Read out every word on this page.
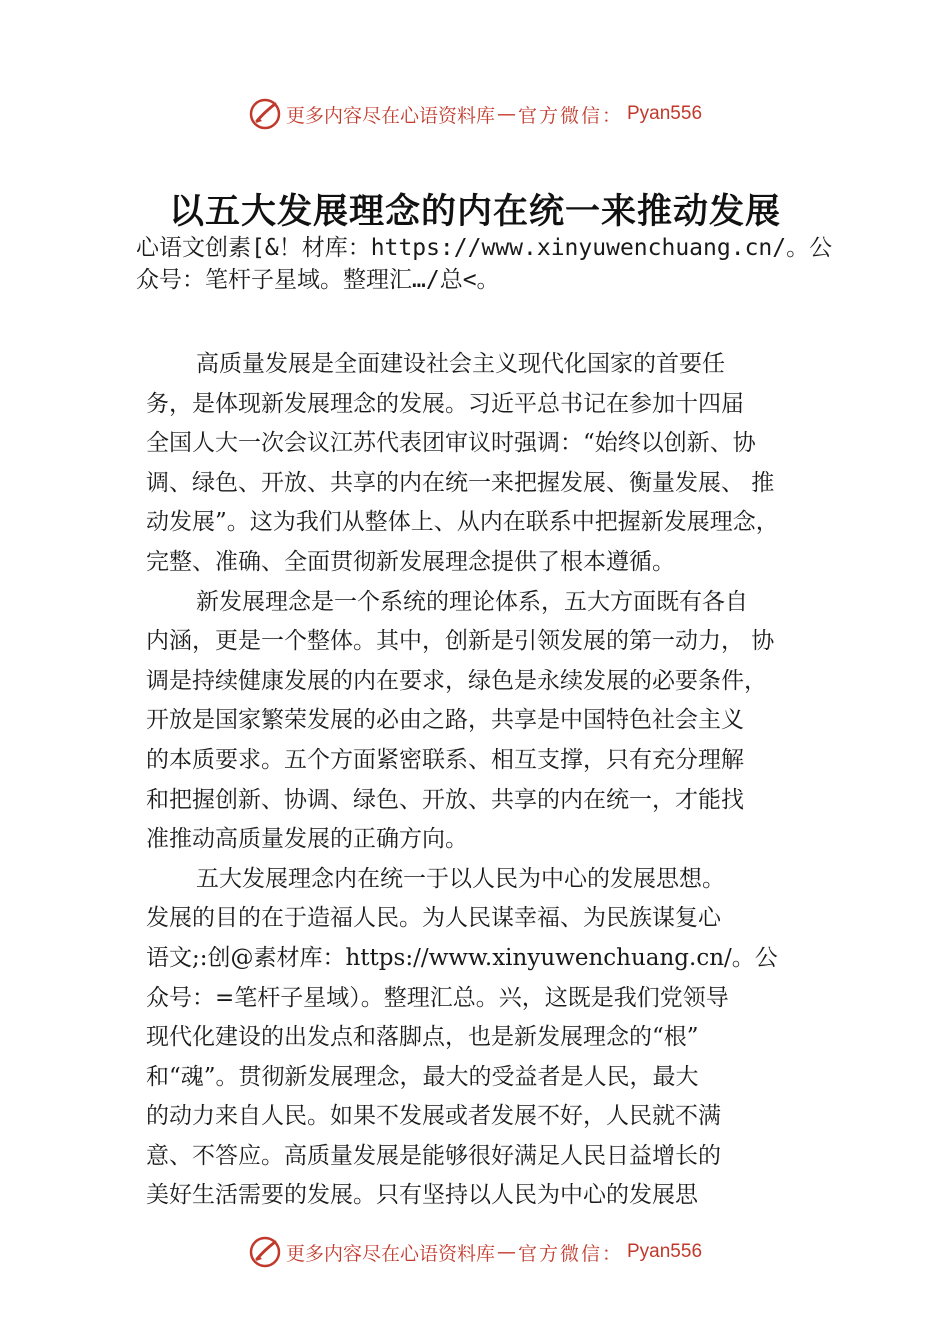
更多内容尽在心语资料库 — 官方微信： Pyan556
以五大发展理念的内在统一来推动发展
心语文创素[&！材库：https://www.xinyuwenchuang.cn/。公
众号：笔杆子星域。整理汇…/总<。
高质量发展是全面建设社会主义现代化国家的首要任
务，是体现新发展理念的发展。习近平总书记在参加十四届
全国人大一次会议江苏代表团审议时强调：“始终以创新、协
调、绿色、开放、共享的内在统一来把握发展、衡量发展、 推
动发展”。这为我们从整体上、从内在联系中把握新发展理念，
完整、准确、全面贯彻新发展理念提供了根本遵循。
新发展理念是一个系统的理论体系，五大方面既有各自
内涵，更是一个整体。其中，创新是引领发展的第一动力， 协
调是持续健康发展的内在要求，绿色是永续发展的必要条件，
开放是国家繁荣发展的必由之路，共享是中国特色社会主义
的本质要求。五个方面紧密联系、相互支撑，只有充分理解
和把握创新、协调、绿色、开放、共享的内在统一，才能找
准推动高质量发展的正确方向。
五大发展理念内在统一于以人民为中心的发展思想。
发展的目的在于造福人民。为人民谋幸福、为民族谋复心
语文;:创@素材库：https://www.xinyuwenchuang.cn/。公
众号：=笔杆子星域）。整理汇总。兴，这既是我们党领导
现代化建设的出发点和落脚点，也是新发展理念的“根”
和“魂”。贯彻新发展理念，最大的受益者是人民，最大
的动力来自人民。如果不发展或者发展不好，人民就不满
意、不答应。高质量发展是能够很好满足人民日益增长的
美好生活需要的发展。只有坚持以人民为中心的发展思
更多内容尽在心语资料库 — 官方微信： Pyan556
